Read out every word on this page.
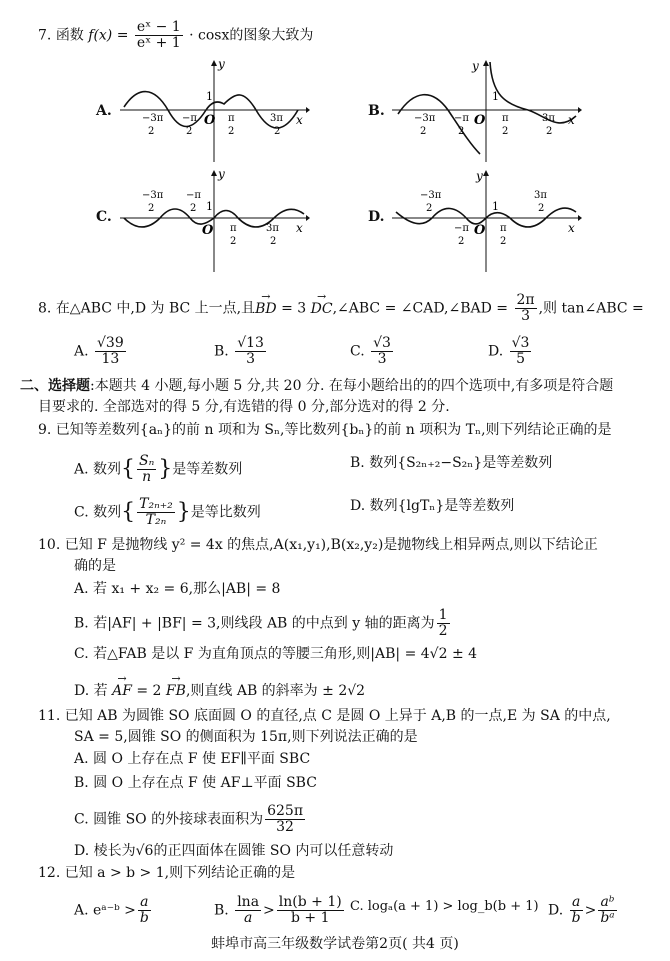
7. 函数 $f(x) = \frac{\text{eˣ − 1}}{\text{eˣ + 1}} \cdot \cos x$的图象大致为
A.	B.
C.	D.
y
x
O
1
−3π
2
−π
2
π
2
3π
2
y
x
O
1
−3π
2
−π
2
π
2
3π
2
y
x
O
1
−3π
2
−π
2
π
2
3π
2
y
x
O
1
−3π
2
−π
2
π
2
3π
2
8. 在△ABC 中,D 为 BC 上一点,且→ BD = 3 → DC,∠ABC = ∠CAD,∠BAD = $\frac{2\pi}{3}$ ,则 tan∠ABC =
A. $\frac{√39}{13}$	B. $\frac{√13}{3}$	C. $\frac{√3}{3}$	D. $\frac{√3}{5}$
二、选择题:本题共 4 小题,每小题 5 分,共 20 分. 在每小题给出的的四个选项中,有多项是符合题
目要求的. 全部选对的得 5 分,有选错的得 0 分,部分选对的得 2 分.
9. 已知等差数列{aₙ}的前 n 项和为 Sₙ,等比数列{bₙ}的前 n 项积为 Tₙ,则下列结论正确的是
A. 数列{ $\frac{\text{Sₙ}}{n}$ }是等差数列	B. 数列{S₂ₙ₊₂−S₂ₙ}是等差数列
C. 数列{ $\frac{\text{T₂ₙ₊₂}}{\text{T₂ₙ}}$ }是等比数列	D. 数列{lgTₙ}是等差数列
10. 已知 F 是抛物线 y² = 4x 的焦点,A(x₁,y₁),B(x₂,y₂)是抛物线上相异两点,则以下结论正
确的是
A. 若 x₁ + x₂ = 6,那么|AB| = 8
B. 若|AF| + |BF| = 3,则线段 AB 的中点到 y 轴的距离为 $\frac{1}{2}$
C. 若△FAB 是以 F 为直角顶点的等腰三角形,则|AB| = 4√2 ± 4
D. 若 → AF = 2 → FB,则直线 AB 的斜率为 ± 2√2
11. 已知 AB 为圆锥 SO 底面圆 O 的直径,点 C 是圆 O 上异于 A,B 的一点,E 为 SA 的中点,
SA = 5,圆锥 SO 的侧面积为 15π,则下列说法正确的是
A. 圆 O 上存在点 F 使 EF∥平面 SBC
B. 圆 O 上存在点 F 使 AF⊥平面 SBC
C. 圆锥 SO 的外接球表面积为 $\frac{625\pi}{32}$
D. 棱长为√6的正四面体在圆锥 SO 内可以任意转动
12. 已知 a > b > 1,则下列结论正确的是
A. eᵃ⁻ᵇ > $\frac{a}{b}$	B. $\frac{\ln a}{a} > \frac{\ln(b + 1)}{b + 1} C$. logₐ(a + 1) > log_b(b + 1) D. $\frac{a}{b} > \frac{\text{aᵇ}}{\text{bᵃ}}$
蚌埠市高三年级数学试卷第2页( 共4 页)
